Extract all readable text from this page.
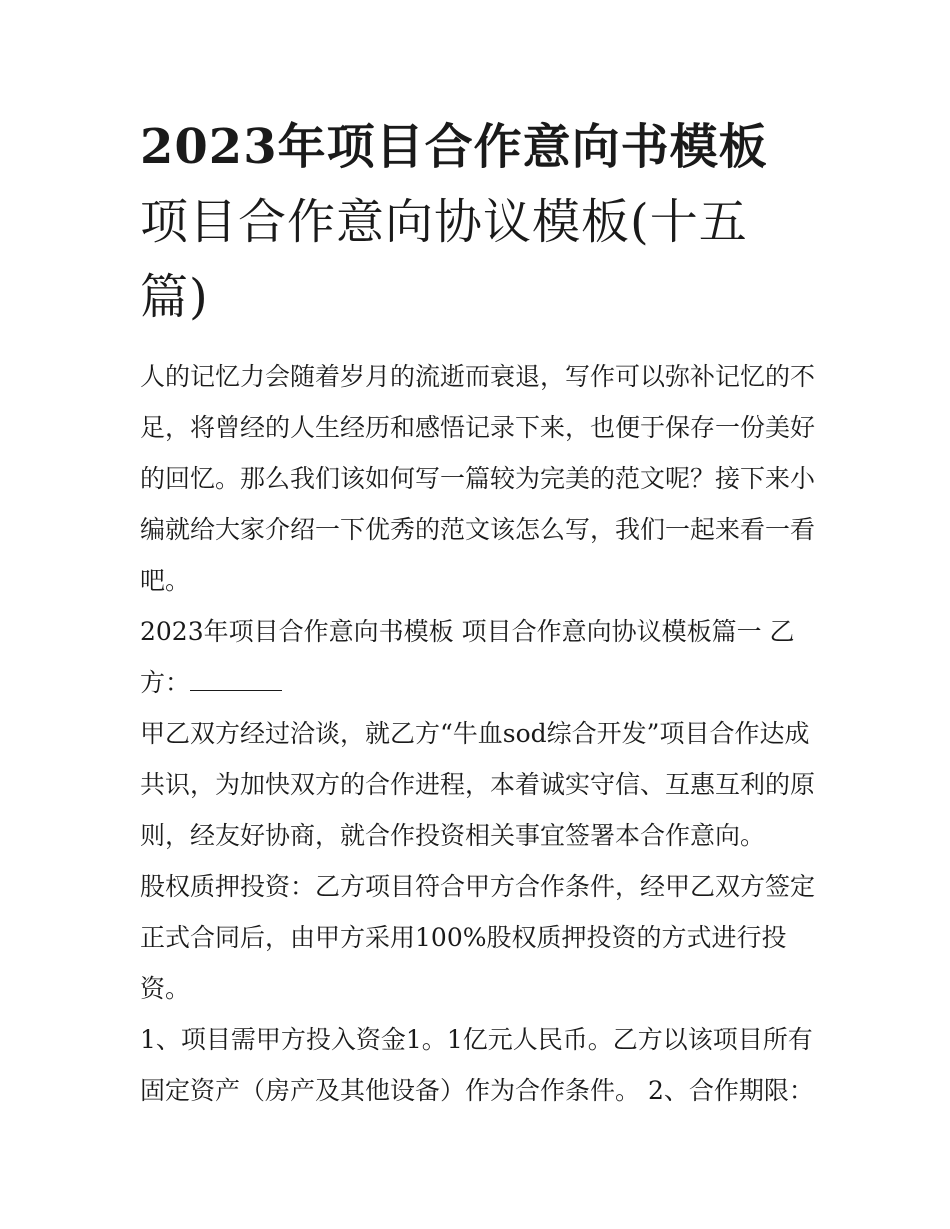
2023年项目合作意向书模板
项目合作意向协议模板(十五
篇)

人的记忆力会随着岁月的流逝而衰退，写作可以弥补记忆的不足，将曾经的人生经历和感悟记录下来，也便于保存一份美好的回忆。那么我们该如何写一篇较为完美的范文呢？接下来小编就给大家介绍一下优秀的范文该怎么写，我们一起来看一看吧。

2023年项目合作意向书模板 项目合作意向协议模板篇一 乙方：

甲乙双方经过洽谈，就乙方“牛血sod综合开发”项目合作达成共识，为加快双方的合作进程，本着诚实守信、互惠互利的原则，经友好协商，就合作投资相关事宜签署本合作意向。

股权质押投资：乙方项目符合甲方合作条件，经甲乙双方签定正式合同后，由甲方采用100%股权质押投资的方式进行投资。

1、项目需甲方投入资金1。1亿元人民币。乙方以该项目所有固定资产（房产及其他设备）作为合作条件。 2、合作期限：
